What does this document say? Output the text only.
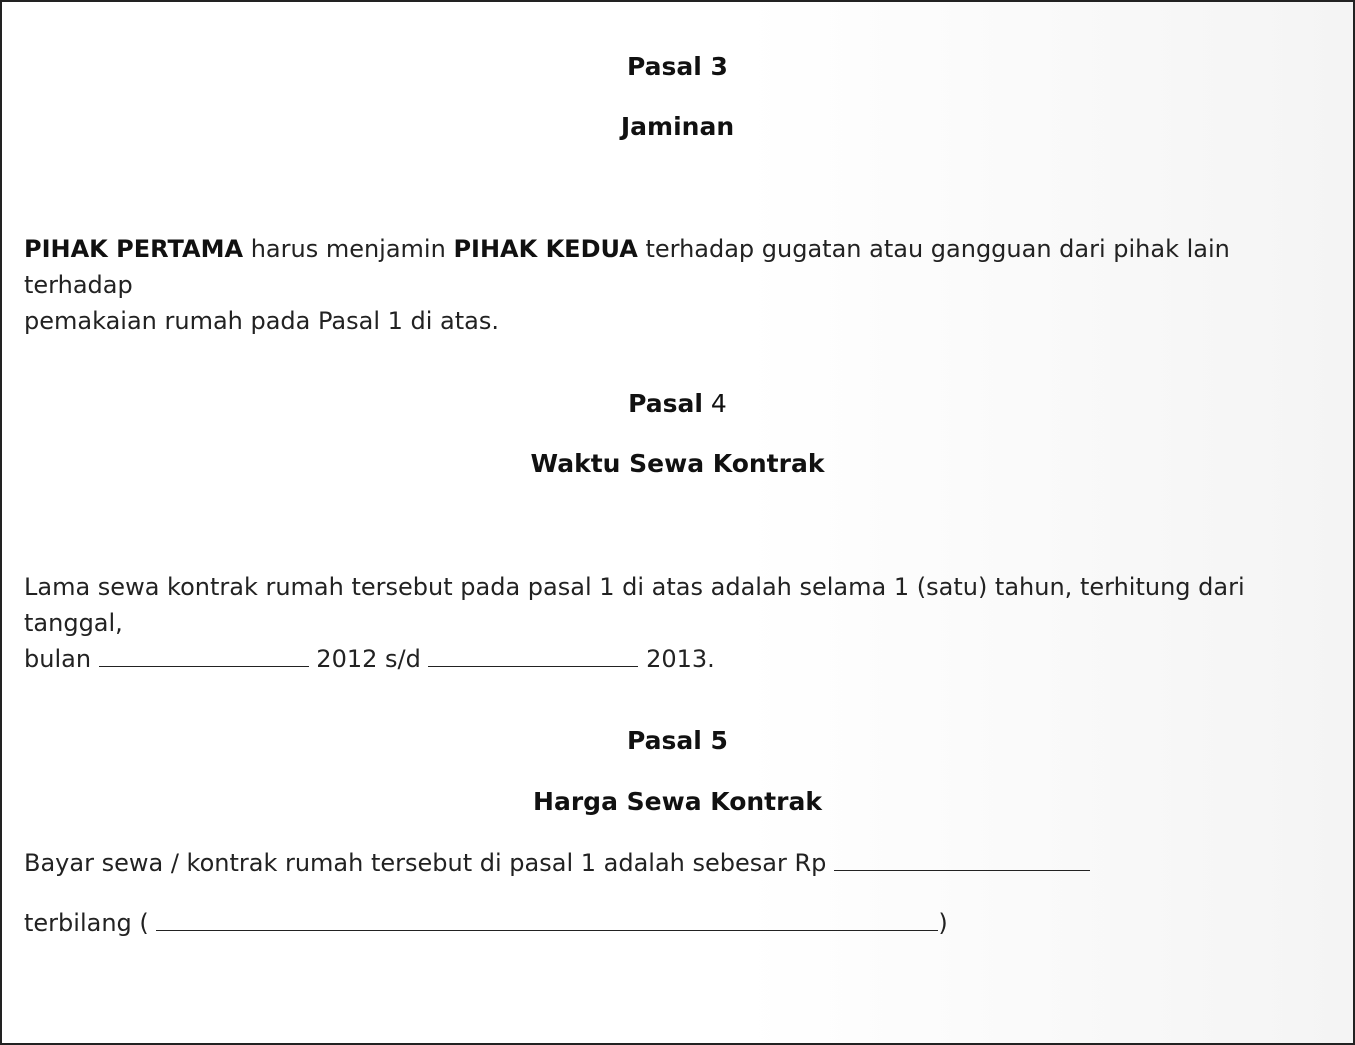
Pasal 3
Jaminan
PIHAK PERTAMA harus menjamin PIHAK KEDUA terhadap gugatan atau gangguan dari pihak lain terhadap
pemakaian rumah pada Pasal 1 di atas.
Pasal 4
Waktu Sewa Kontrak
Lama sewa kontrak rumah tersebut pada pasal 1 di atas adalah selama 1 (satu) tahun, terhitung dari tanggal,
bulan	2012 s/d	2013.
Pasal 5
Harga Sewa Kontrak
Bayar sewa / kontrak rumah tersebut di pasal 1 adalah sebesar Rp
terbilang (	)
